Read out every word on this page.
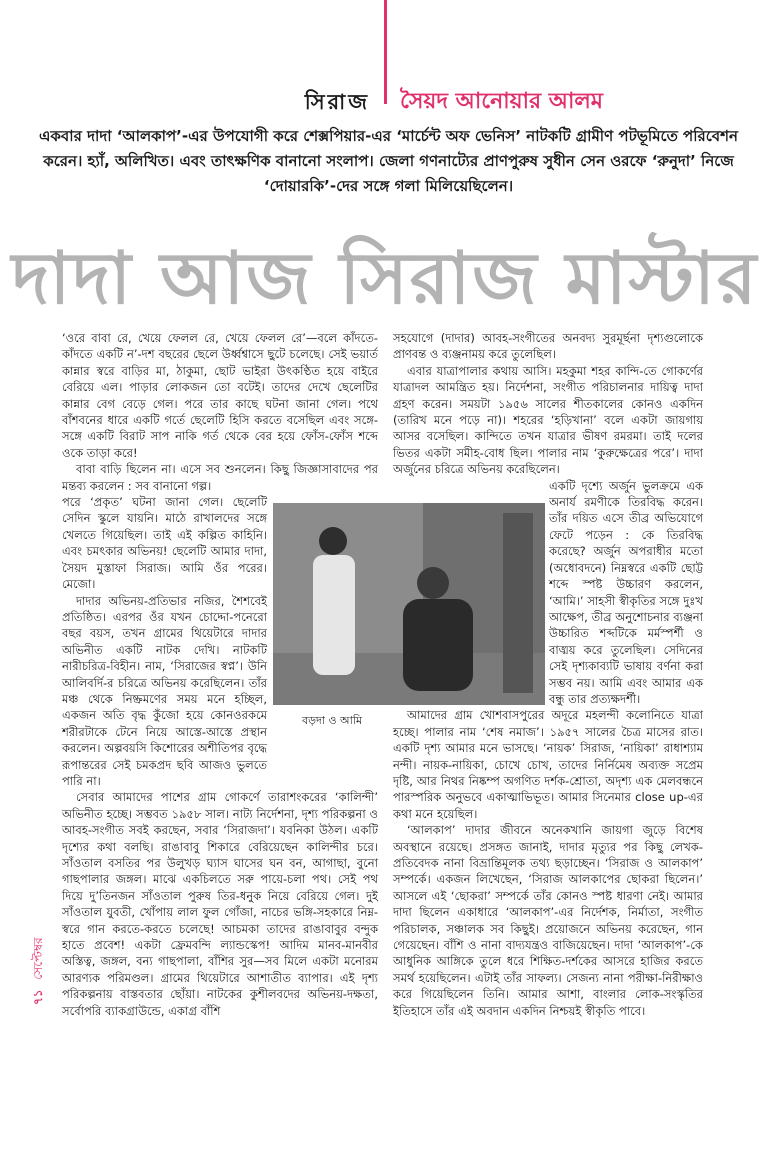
সিরাজ সৈয়দ আনোয়ার আলম
একবার দাদা ‘আলকাপ’-এর উপযোগী করে শেক্সপিয়ার-এর ‘মার্চেন্ট অফ ভেনিস’ নাটকটি গ্রামীণ পটভূমিতে পরিবেশন করেন। হ্যাঁ, অলিখিত। এবং তাৎক্ষণিক বানানো সংলাপ। জেলা গণনাট্যের প্রাণপুরুষ সুধীন সেন ওরফে ‘রুনুদা’ নিজে ‘দোয়ারকি’-দের সঙ্গে গলা মিলিয়েছিলেন।
দাদা আজ সিরাজ মাস্টার

‘ওরে বাবা রে, খেয়ে ফেলল রে, খেয়ে ফেলল রে’—বলে কাঁদতে-কাঁদতে একটি ন’-দশ বছরের ছেলে উর্ধ্বশ্বাসে ছুটে চলেছে। সেই ভয়ার্ত কান্নার স্বরে বাড়ির মা, ঠাকুমা, ছোট ভাইরা উৎকণ্ঠিত হয়ে বাইরে বেরিয়ে এল। পাড়ার লোকজন তো বটেই। তাদের দেখে ছেলেটির কান্নার বেগ বেড়ে গেল। পরে তার কাছে ঘটনা জানা গেল। পথে বাঁশবনের ধারে একটি গর্তে ছেলেটি হিসি করতে বসেছিল এবং সঙ্গে-সঙ্গে একটি বিরাট সাপ নাকি গর্ত থেকে বের হয়ে ফোঁস-ফোঁস শব্দে ওকে তাড়া করে!

বাবা বাড়ি ছিলেন না। এসে সব শুনলেন। কিছু জিজ্ঞাসাবাদের পর মন্তব্য করলেন : সব বানানো গল্প।

পরে ‘প্রকৃত’ ঘটনা জানা গেল। ছেলেটি সেদিন স্কুলে যায়নি। মাঠে রাখালদের সঙ্গে খেলতে গিয়েছিল। তাই এই কল্পিত কাহিনি। এবং চমৎকার অভিনয়! ছেলেটি আমার দাদা, সৈয়দ মুস্তাফা সিরাজ। আমি ওঁর পরের। মেজো।

দাদার অভিনয়-প্রতিভার নজির, শৈশবেই প্রতিষ্ঠিত। এরপর ওঁর যখন চোদ্দো-পনেরো বছর বয়স, তখন গ্রামের থিয়েটারে দাদার অভিনীত একটি নাটক দেখি। নাটকটি নারীচরিত্র-বিহীন। নাম, ‘সিরাজের স্বপ্ন’। উনি আলিবর্দি-র চরিত্রে অভিনয় করেছিলেন। তাঁর মঞ্চ থেকে নিষ্ক্রমণের সময় মনে হচ্ছিল, একজন অতি বৃদ্ধ কুঁজো হয়ে কোনওরকমে শরীরটাকে টেনে নিয়ে আস্তে-আস্তে প্রস্থান করলেন। অল্পবয়সি কিশোরের অশীতিপর বৃদ্ধে রূপান্তরের সেই চমকপ্রদ ছবি আজও ভুলতে পারি না।

সেবার আমাদের পাশের গ্রাম গোকর্ণে তারাশংকরের ‘কালিন্দী’ অভিনীত হচ্ছে। সম্ভবত ১৯৫৮ সাল। নাট্য নির্দেশনা, দৃশ্য পরিকল্পনা ও আবহ-সংগীত সবই করছেন, সবার ‘সিরাজদা’। যবনিকা উঠল। একটি দৃশ্যের কথা বলছি। রাঙাবাবু শিকারে বেরিয়েছেন কালিন্দীর চরে। সাঁওতাল বসতির পর উলুখড় ঘ্যাস ঘাসের ঘন বন, আগাছা, বুনো গাছপালার জঙ্গল। মাঝে একচিলতে সরু পায়ে-চলা পথ। সেই পথ দিয়ে দু’তিনজন সাঁওতাল পুরুষ তির-ধনুক নিয়ে বেরিয়ে গেল। দুই সাঁওতাল যুবতী, খোঁপায় লাল ফুল গোঁজা, নাচের ভঙ্গি-সহকারে নিম্ন-স্বরে গান করতে-করতে চলেছে! আচমকা তাদের রাঙাবাবুর বন্দুক হাতে প্রবেশ! একটা ফ্রেমবন্দি ল্যান্ডস্কেপ! আদিম মানব-মানবীর অস্তিত্ব, জঙ্গল, বন্য গাছপালা, বাঁশির সুর—সব মিলে একটা মনোরম আরণ্যক পরিমণ্ডল। গ্রামের থিয়েটারে আশাতীত ব্যাপার। এই দৃশ্য পরিকল্পনায় বাস্তবতার ছোঁয়া। নাটকের কুশীলবদের অভিনয়-দক্ষতা, সর্বোপরি ব্যাকগ্রাউন্ডে, একাগ্র বাঁশি

সহযোগে (দাদার) আবহ-সংগীতের অনবদ্য সুরমূর্ছনা দৃশ্যগুলোকে প্রাণবন্ত ও ব্যঞ্জনাময় করে তুলেছিল।

এবার যাত্রাপালার কথায় আসি। মহকুমা শহর কান্দি-তে গোকর্ণের যাত্রাদল আমন্ত্রিত হয়। নির্দেশনা, সংগীত পরিচালনার দায়িত্ব দাদা গ্রহণ করেন। সময়টা ১৯৫৬ সালের শীতকালের কোনও একদিন (তারিখ মনে পড়ে না)। শহরের ‘হড়িখানা’ বলে একটা জায়গায় আসর বসেছিল। কান্দিতে তখন যাত্রার ভীষণ রমরমা। তাই দলের ভিতর একটা সমীহ-বোধ ছিল। পালার নাম ‘কুরুক্ষেত্রের পরে’। দাদা অর্জুনের চরিত্রে অভিনয় করেছিলেন।

একটি দৃশ্যে অর্জুন ভুলক্রমে এক অনার্য রমণীকে তিরবিদ্ধ করেন। তাঁর দয়িত এসে তীব্র অভিযোগে ফেটে পড়েন : কে তিরবিদ্ধ করেছে? অর্জুন অপরাধীর মতো (অধোবদনে) নিম্নস্বরে একটি ছোট্ট শব্দে স্পষ্ট উচ্চারণ করলেন, ‘আমি।’ সাহসী স্বীকৃতির সঙ্গে দুঃখ আক্ষেপ, তীব্র অনুশোচনার ব্যঞ্জনা উচ্চারিত শব্দটিকে মর্মস্পর্শী ও বাঙ্ময় করে তুলেছিল। সেদিনের সেই দৃশ্যকাব্যটি ভাষায় বর্ণনা করা সম্ভব নয়। আমি এবং আমার এক বন্ধু তার প্রত্যক্ষদর্শী।

আমাদের গ্রাম খোশবাসপুরের অদূরে মহলন্দী কলোনিতে যাত্রা হচ্ছে। পালার নাম ‘শেষ নমাজ’। ১৯৫৭ সালের চৈত্র মাসের রাত। একটি দৃশ্য আমার মনে ভাসছে। ‘নায়ক’ সিরাজ, ‘নায়িকা’ রাধাশ্যাম নন্দী। নায়ক-নায়িকা, চোখে চোখ, তাদের নির্নিমেষ অব্যক্ত সপ্রেম দৃষ্টি, আর নিথর নিষ্কম্প অগণিত দর্শক-শ্রোতা, অদৃশ্য এক মেলবন্ধনে পারস্পরিক অনুভবে একাত্মাভিভূত। আমার সিনেমার close up-এর কথা মনে হয়েছিল।

‘আলকাপ’ দাদার জীবনে অনেকখানি জায়গা জুড়ে বিশেষ অবস্থানে রয়েছে। প্রসঙ্গত জানাই, দাদার মৃত্যুর পর কিছু লেখক-প্রতিবেদক নানা বিভ্রান্তিমূলক তথ্য ছড়াচ্ছেন। ‘সিরাজ ও আলকাপ’ সম্পর্কে। একজন লিখেছেন, ‘সিরাজ আলকাপের ছোকরা ছিলেন।’ আসলে এই ‘ছোকরা’ সম্পর্কে তাঁর কোনও স্পষ্ট ধারণা নেই। আমার দাদা ছিলেন একাধারে ‘আলকাপ’-এর নির্দেশক, নির্মাতা, সংগীত পরিচালক, সঞ্চালক সব কিছুই। প্রয়োজনে অভিনয় করেছেন, গান গেয়েছেন। বাঁশি ও নানা বাদ্যযন্ত্রও বাজিয়েছেন। দাদা ‘আলকাপ’-কে আধুনিক আঙ্গিকে তুলে ধরে শিক্ষিত-দর্শকের আসরে হাজির করতে সমর্থ হয়েছিলেন। এটাই তাঁর সাফল্য। সেজন্য নানা পরীক্ষা-নিরীক্ষাও করে গিয়েছিলেন তিনি। আমার আশা, বাংলার লোক-সংস্কৃতির ইতিহাসে তাঁর এই অবদান একদিন নিশ্চয়ই স্বীকৃতি পাবে।

বড়দা ও আমি
৭১ সেপ্টেম্বর
